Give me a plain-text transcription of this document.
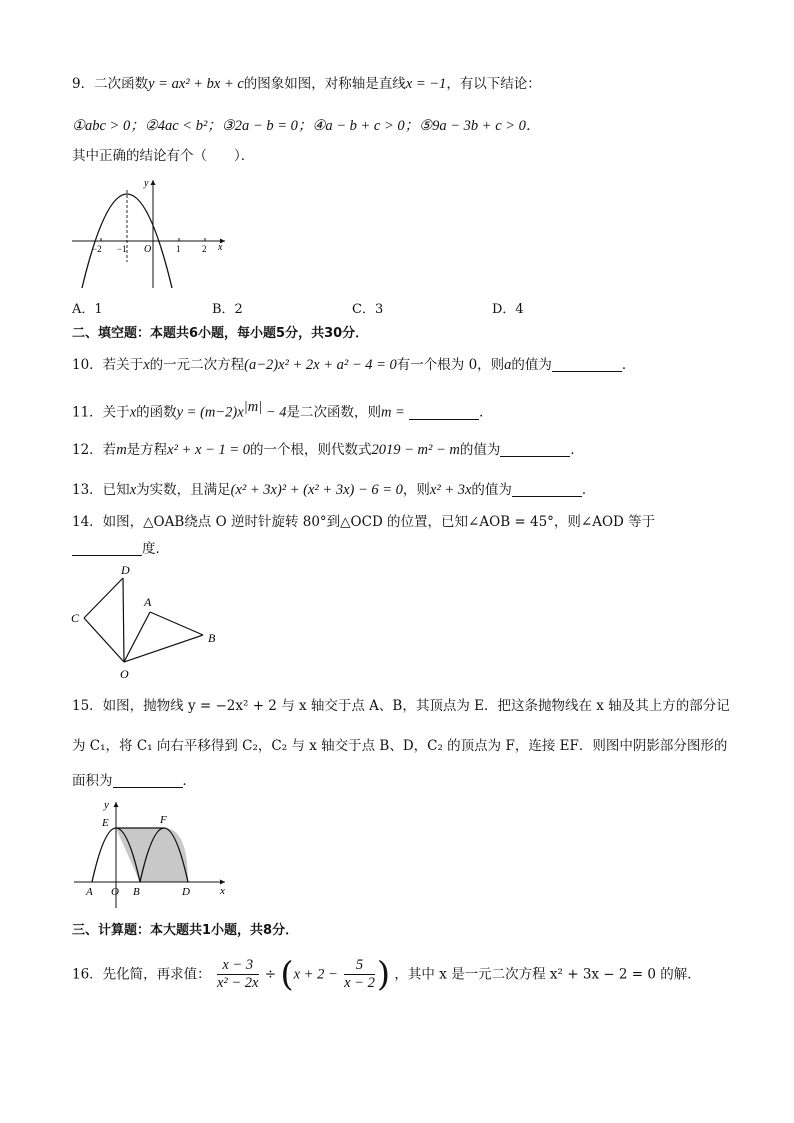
9．二次函数y = ax² + bx + c的图象如图，对称轴是直线x = −1，有以下结论：
①abc > 0；②4ac < b²；③2a − b = 0；④a − b + c > 0；⑤9a − 3b + c > 0．
其中正确的结论有个（　　）．
y
x
O
−2 −1	1 2
A．1	B．2	C．3	D．4
二、填空题：本题共6小题，每小题5分，共30分．
10．若关于x的一元二次方程(a−2)x² + 2x + a² − 4 = 0有一个根为 0，则a的值为	．
11．关于x的函数$y = (m-2)x^{|m|} - 4$是二次函数，则m =	．
12．若m是方程x² + x − 1 = 0的一个根，则代数式2019 − m² − m的值为	．
13．已知x为实数，且满足(x² + 3x)² + (x² + 3x) − 6 = 0，则x² + 3x的值为	．
14．如图，△OAB绕点 O 逆时针旋转 80°到△OCD 的位置，已知∠AOB = 45°，则∠AOD 等于
度．
D
A
C
B
O
15．如图，抛物线 y = −2x² + 2 与 x 轴交于点 A、B，其顶点为 E．把这条抛物线在 x 轴及其上方的部分记
为 C₁，将 C₁ 向右平移得到 C₂，C₂ 与 x 轴交于点 B、D，C₂ 的顶点为 F，连接 EF．则图中阴影部分图形的
面积为	．
y
E	F
A O B	D	x
三、计算题：本大题共1小题，共8分．
16．先化简，再求值： $\frac{x - 3}{\text{x² − 2x}} \div (x + 2 - \frac{5}{x - 2}$ ) ，其中 x 是一元二次方程 x² + 3x − 2 = 0 的解．
